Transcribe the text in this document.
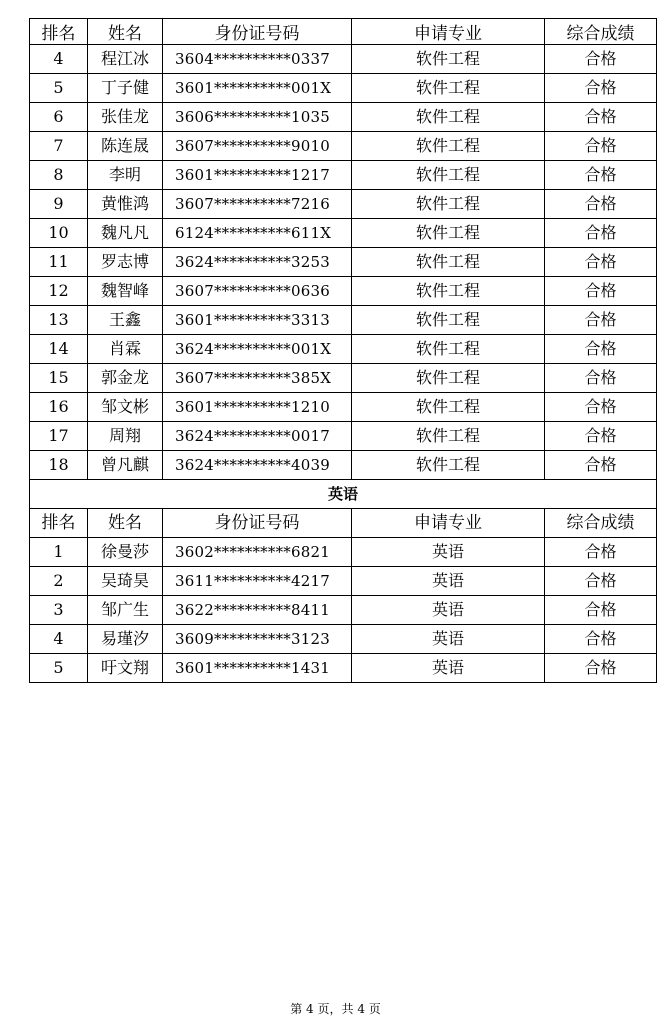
排名	姓名	身份证号码	申请专业	综合成绩
4	程江冰	3604**********0337	软件工程	合格
5	丁子健	3601**********001X	软件工程	合格
6	张佳龙	3606**********1035	软件工程	合格
7	陈连晟	3607**********9010	软件工程	合格
8	李明	3601**********1217	软件工程	合格
9	黄惟鸿	3607**********7216	软件工程	合格
10	魏凡凡	6124**********611X	软件工程	合格
11	罗志博	3624**********3253	软件工程	合格
12	魏智峰	3607**********0636	软件工程	合格
13	王鑫	3601**********3313	软件工程	合格
14	肖霖	3624**********001X	软件工程	合格
15	郭金龙	3607**********385X	软件工程	合格
16	邹文彬	3601**********1210	软件工程	合格
17	周翔	3624**********0017	软件工程	合格
18	曾凡麒	3624**********4039	软件工程	合格
英语				
排名	姓名	身份证号码	申请专业	综合成绩
1	徐曼莎	3602**********6821	英语	合格
2	吴琦昊	3611**********4217	英语	合格
3	邹广生	3622**********8411	英语	合格
4	易瑾汐	3609**********3123	英语	合格
5	吁文翔	3601**********1431	英语	合格
第 4 页，共 4 页
